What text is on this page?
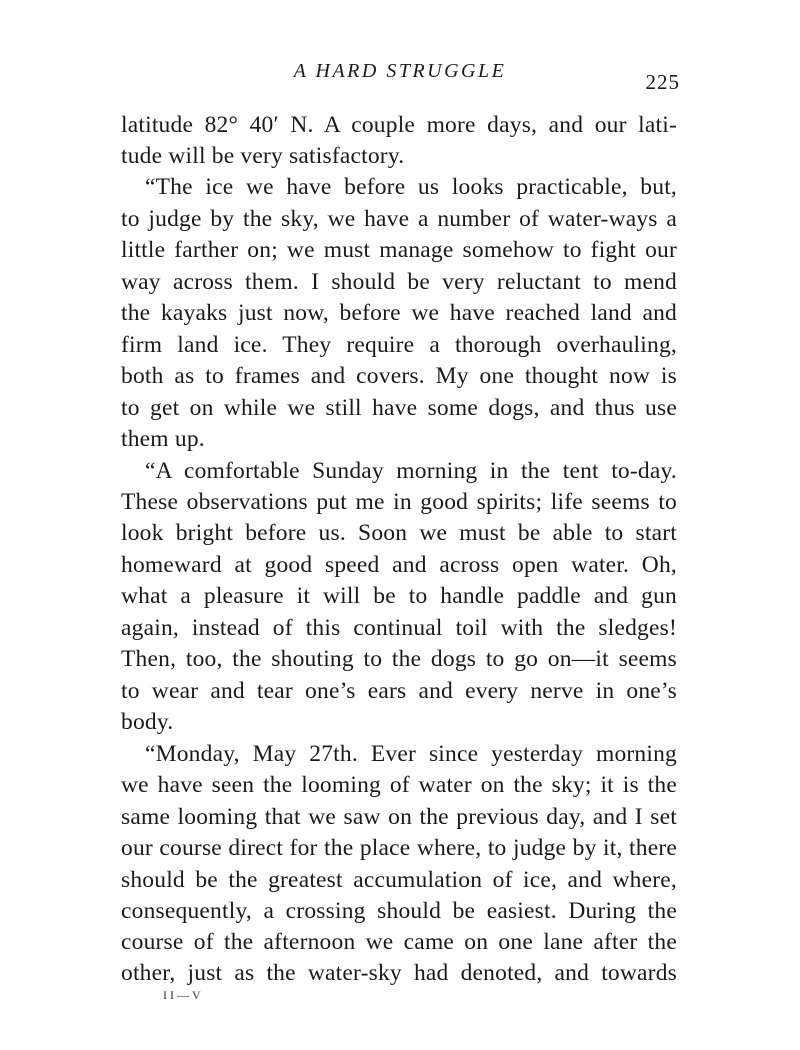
A HARD STRUGGLE	225
latitude 82° 40′ N. A couple more days, and our lati-
tude will be very satisfactory.
“The ice we have before us looks practicable, but,
to judge by the sky, we have a number of water-ways a
little farther on; we must manage somehow to fight our
way across them. I should be very reluctant to mend
the kayaks just now, before we have reached land and
firm land ice. They require a thorough overhauling,
both as to frames and covers. My one thought now is
to get on while we still have some dogs, and thus use
them up.
“A comfortable Sunday morning in the tent to-day.
These observations put me in good spirits; life seems to
look bright before us. Soon we must be able to start
homeward at good speed and across open water. Oh,
what a pleasure it will be to handle paddle and gun
again, instead of this continual toil with the sledges!
Then, too, the shouting to the dogs to go on—it seems
to wear and tear one’s ears and every nerve in one’s
body.
“Monday, May 27th. Ever since yesterday morning
we have seen the looming of water on the sky; it is the
same looming that we saw on the previous day, and I set
our course direct for the place where, to judge by it, there
should be the greatest accumulation of ice, and where,
consequently, a crossing should be easiest. During the
course of the afternoon we came on one lane after the
other, just as the water-sky had denoted, and towards
II—V
